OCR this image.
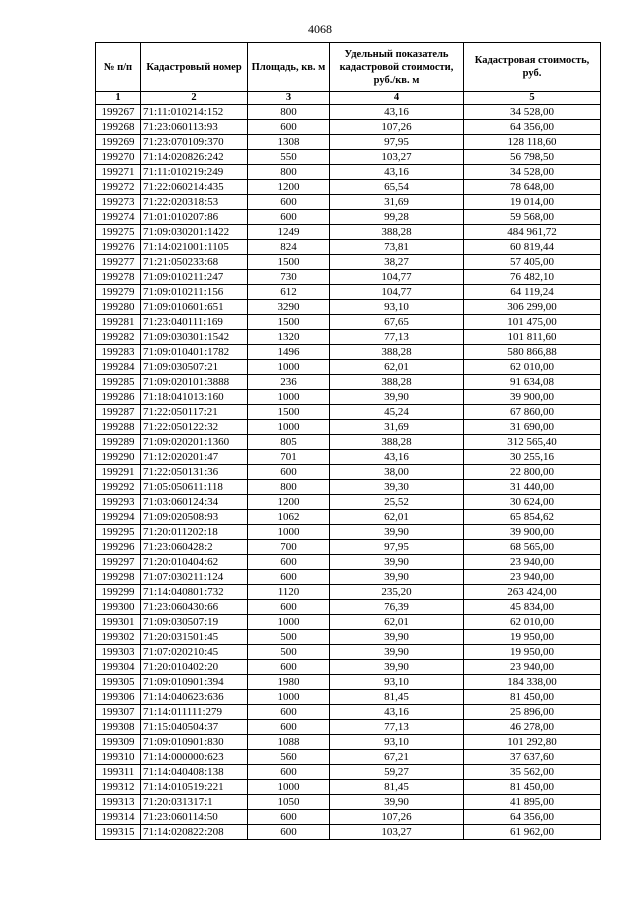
4068
№ п/п	Кадастровый номер	Площадь, кв. м	Удельный показатель кадастровой стоимости, руб./кв. м	Кадастровая стоимость, руб.
1	2	3	4	5
199267	71:11:010214:152	800	43,16	34 528,00
199268	71:23:060113:93	600	107,26	64 356,00
199269	71:23:070109:370	1308	97,95	128 118,60
199270	71:14:020826:242	550	103,27	56 798,50
199271	71:11:010219:249	800	43,16	34 528,00
199272	71:22:060214:435	1200	65,54	78 648,00
199273	71:22:020318:53	600	31,69	19 014,00
199274	71:01:010207:86	600	99,28	59 568,00
199275	71:09:030201:1422	1249	388,28	484 961,72
199276	71:14:021001:1105	824	73,81	60 819,44
199277	71:21:050233:68	1500	38,27	57 405,00
199278	71:09:010211:247	730	104,77	76 482,10
199279	71:09:010211:156	612	104,77	64 119,24
199280	71:09:010601:651	3290	93,10	306 299,00
199281	71:23:040111:169	1500	67,65	101 475,00
199282	71:09:030301:1542	1320	77,13	101 811,60
199283	71:09:010401:1782	1496	388,28	580 866,88
199284	71:09:030507:21	1000	62,01	62 010,00
199285	71:09:020101:3888	236	388,28	91 634,08
199286	71:18:041013:160	1000	39,90	39 900,00
199287	71:22:050117:21	1500	45,24	67 860,00
199288	71:22:050122:32	1000	31,69	31 690,00
199289	71:09:020201:1360	805	388,28	312 565,40
199290	71:12:020201:47	701	43,16	30 255,16
199291	71:22:050131:36	600	38,00	22 800,00
199292	71:05:050611:118	800	39,30	31 440,00
199293	71:03:060124:34	1200	25,52	30 624,00
199294	71:09:020508:93	1062	62,01	65 854,62
199295	71:20:011202:18	1000	39,90	39 900,00
199296	71:23:060428:2	700	97,95	68 565,00
199297	71:20:010404:62	600	39,90	23 940,00
199298	71:07:030211:124	600	39,90	23 940,00
199299	71:14:040801:732	1120	235,20	263 424,00
199300	71:23:060430:66	600	76,39	45 834,00
199301	71:09:030507:19	1000	62,01	62 010,00
199302	71:20:031501:45	500	39,90	19 950,00
199303	71:07:020210:45	500	39,90	19 950,00
199304	71:20:010402:20	600	39,90	23 940,00
199305	71:09:010901:394	1980	93,10	184 338,00
199306	71:14:040623:636	1000	81,45	81 450,00
199307	71:14:011111:279	600	43,16	25 896,00
199308	71:15:040504:37	600	77,13	46 278,00
199309	71:09:010901:830	1088	93,10	101 292,80
199310	71:14:000000:623	560	67,21	37 637,60
199311	71:14:040408:138	600	59,27	35 562,00
199312	71:14:010519:221	1000	81,45	81 450,00
199313	71:20:031317:1	1050	39,90	41 895,00
199314	71:23:060114:50	600	107,26	64 356,00
199315	71:14:020822:208	600	103,27	61 962,00
